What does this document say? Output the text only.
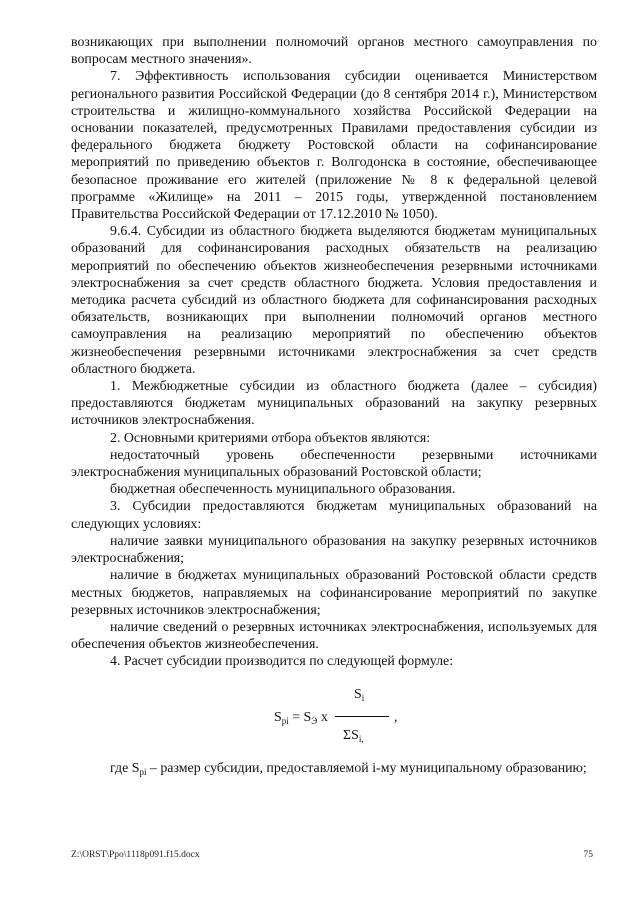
возникающих при выполнении полномочий органов местного самоуправления по вопросам местного значения».

7. Эффективность использования субсидии оценивается Министерством регионального развития Российской Федерации (до 8 сентября 2014 г.), Министерством строительства и жилищно-коммунального хозяйства Российской Федерации на основании показателей, предусмотренных Правилами предоставления субсидии из федерального бюджета бюджету Ростовской области на софинансирование мероприятий по приведению объектов г. Волгодонска в состояние, обеспечивающее безопасное проживание его жителей (приложение № 8 к федеральной целевой программе «Жилище» на 2011 – 2015 годы, утвержденной постановлением Правительства Российской Федерации от 17.12.2010 № 1050).

9.6.4. Субсидии из областного бюджета выделяются бюджетам муниципальных образований для софинансирования расходных обязательств на реализацию мероприятий по обеспечению объектов жизнеобеспечения резервными источниками электроснабжения за счет средств областного бюджета. Условия предоставления и методика расчета субсидий из областного бюджета для софинансирования расходных обязательств, возникающих при выполнении полномочий органов местного самоуправления на реализацию мероприятий по обеспечению объектов жизнеобеспечения резервными источниками электроснабжения за счет средств областного бюджета.

1. Межбюджетные субсидии из областного бюджета (далее – субсидия) предоставляются бюджетам муниципальных образований на закупку резервных источников электроснабжения.

2. Основными критериями отбора объектов являются:

недостаточный уровень обеспеченности резервными источниками электроснабжения муниципальных образований Ростовской области;

бюджетная обеспеченность муниципального образования.

3. Субсидии предоставляются бюджетам муниципальных образований на следующих условиях:

наличие заявки муниципального образования на закупку резервных источников электроснабжения;

наличие в бюджетах муниципальных образований Ростовской области средств местных бюджетов, направляемых на софинансирование мероприятий по закупке резервных источников электроснабжения;

наличие сведений о резервных источниках электроснабжения, используемых для обеспечения объектов жизнеобеспечения.

4. Расчет субсидии производится по следующей формуле:

$S_i$
$S_{pi} = S_Э$ х	,
$\Sigma S_{i,}$

где $S_{pi}$ – размер субсидии, предоставляемой i-му муниципальному образованию;

Z:\ORST\Ppo\1118p091.f15.docx	75
